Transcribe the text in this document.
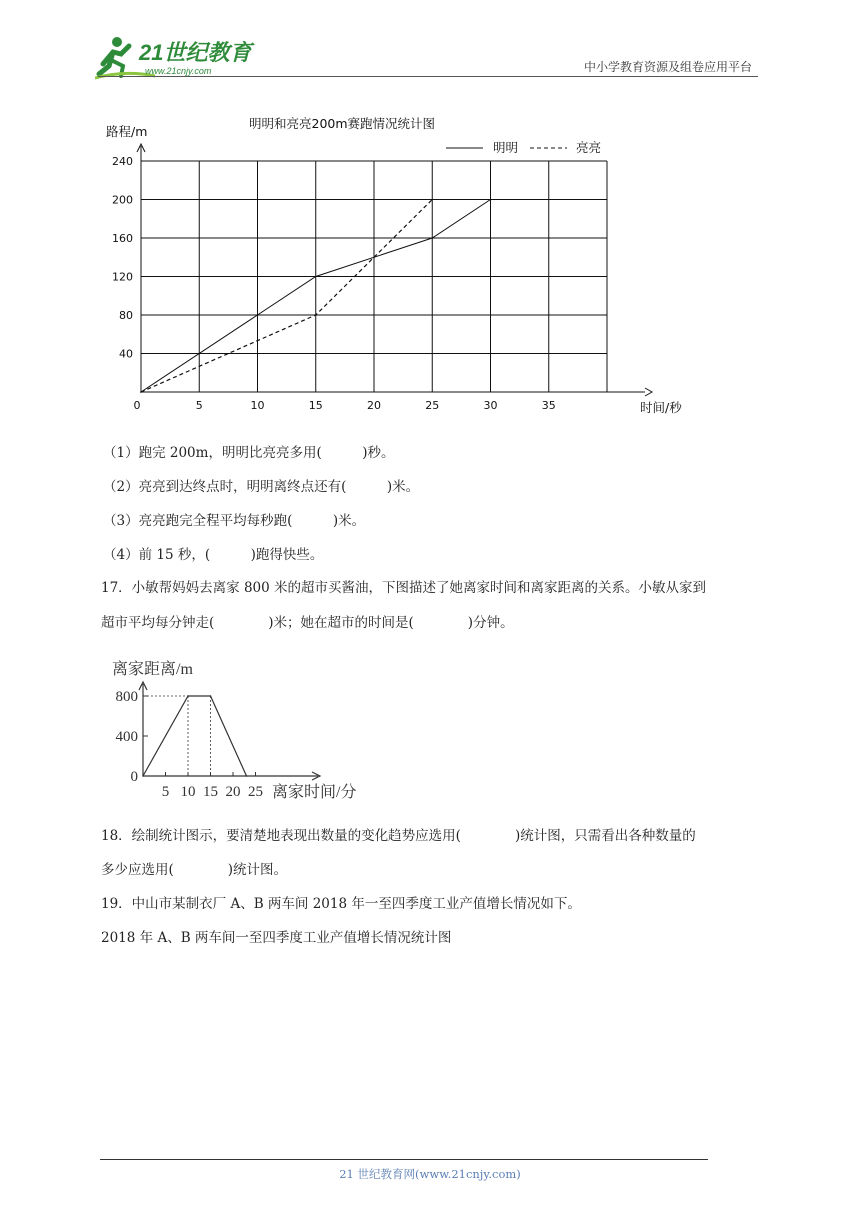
21世纪教育
www.21cnjy.com	中小学教育资源及组卷应用平台
明明和亮亮200m赛跑情况统计图
路程/m
时间/秒
明明	亮亮
0	5	10	15	20	25	30	35
40
80
120
160
200
240
（1）跑完 200m，明明比亮亮多用(　　　)秒。
（2）亮亮到达终点时，明明离终点还有(　　　)米。
（3）亮亮跑完全程平均每秒跑(　　　)米。
（4）前 15 秒，(　　　)跑得快些。
17．小敏帮妈妈去离家 800 米的超市买酱油，下图描述了她离家时间和离家距离的关系。小敏从家到
超市平均每分钟走(　　　　)米；她在超市的时间是(　　　　)分钟。
0
400
800
5 10 15 20 25
离家距离/m
离家时间/分
18．绘制统计图示，要清楚地表现出数量的变化趋势应选用(　　　　)统计图，只需看出各种数量的
多少应选用(　　　　)统计图。
19．中山市某制衣厂 A、B 两车间 2018 年一至四季度工业产值增长情况如下。
2018 年 A、B 两车间一至四季度工业产值增长情况统计图
21 世纪教育网(www.21cnjy.com)
